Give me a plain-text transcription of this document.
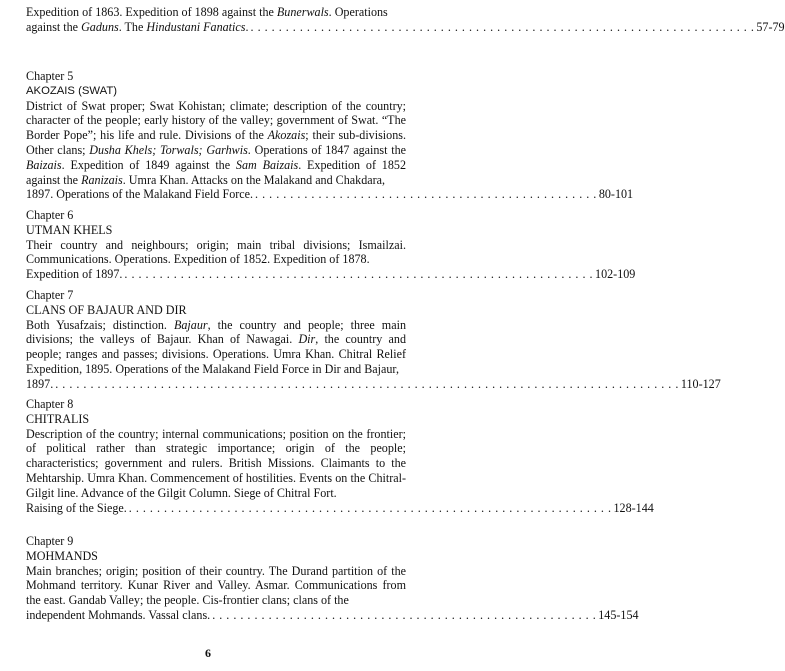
Expedition of 1863. Expedition of 1898 against the Bunerwals. Operations

against the Gaduns. The Hindustani Fanatics. . . . . . . . . . . . . . . . . . . . . . . . . . . . . . . . . . . . . . . . . . . . . . . . . . . . . . . . . . . . . . . . . . . . . . . . . 57-79

Chapter 5

AKOZAIS (SWAT)

District of Swat proper; Swat Kohistan; climate; description of the country; character of the people; early history of the valley; government of Swat. “The Border Pope”; his life and rule. Divisions of the Akozais; their sub-divisions. Other clans; Dusha Khels; Torwals; Garhwis. Operations of 1847 against the Baizais. Expedition of 1849 against the Sam Baizais. Expedition of 1852 against the Ranizais. Umra Khan. Attacks on the Malakand and Chakdara,

1897. Operations of the Malakand Field Force. . . . . . . . . . . . . . . . . . . . . . . . . . . . . . . . . . . . . . . . . . . . . . . . . . 80-101

Chapter 6

UTMAN KHELS

Their country and neighbours; origin; main tribal divisions; Ismailzai. Communications. Operations. Expedition of 1852. Expedition of 1878.

Expedition of 1897. . . . . . . . . . . . . . . . . . . . . . . . . . . . . . . . . . . . . . . . . . . . . . . . . . . . . . . . . . . . . . . . . . . . 102-109

Chapter 7

CLANS OF BAJAUR AND DIR

Both Yusafzais; distinction. Bajaur, the country and people; three main divisions; the valleys of Bajaur. Khan of Nawagai. Dir, the country and people; ranges and passes; divisions. Operations. Umra Khan. Chitral Relief Expedition, 1895. Operations of the Malakand Field Force in Dir and Bajaur,

1897. . . . . . . . . . . . . . . . . . . . . . . . . . . . . . . . . . . . . . . . . . . . . . . . . . . . . . . . . . . . . . . . . . . . . . . . . . . . . . . . . . . . . . . . . . 110-127

Chapter 8

CHITRALIS

Description of the country; internal communications; position on the frontier; of political rather than strategic importance; origin of the people; characteristics; government and rulers. British Missions. Claimants to the Mehtarship. Umra Khan. Commencement of hostilities. Events on the Chitral-Gilgit line. Advance of the Gilgit Column. Siege of Chitral Fort.

Raising of the Siege. . . . . . . . . . . . . . . . . . . . . . . . . . . . . . . . . . . . . . . . . . . . . . . . . . . . . . . . . . . . . . . . . . . . . . 128-144

Chapter 9

MOHMANDS

Main branches; origin; position of their country. The Durand partition of the Mohmand territory. Kunar River and Valley. Asmar. Communications from the east. Gandab Valley; the people. Cis-frontier clans; clans of the

independent Mohmands. Vassal clans. . . . . . . . . . . . . . . . . . . . . . . . . . . . . . . . . . . . . . . . . . . . . . . . . . . . . . . . 145-154
6
